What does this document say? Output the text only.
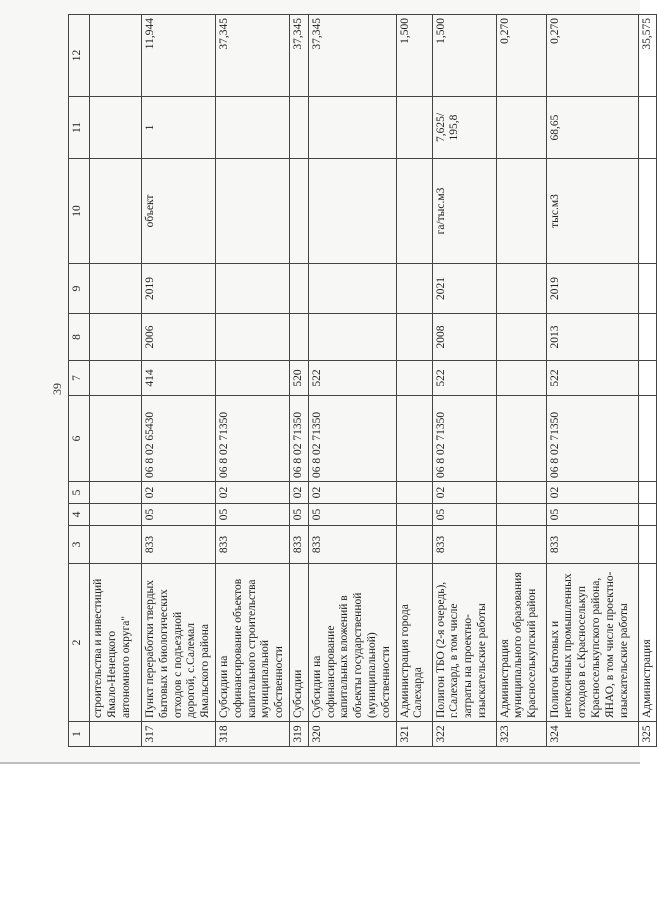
39
1	2	3	4	5	6	7	8	9	10	11	12
	строительства и инвестиций Ямало-Ненецкого автономного округа"										
317	Пункт переработки твердых бытовых и биологических отходов с подъездной дорогой, с.Салемал Ямальского района	833	05	02	06 8 02 65430	414	2006	2019	объект	1	11,944
318	Субсидии на софинансирование объектов капитального строительства муниципальной собственности	833	05	02	06 8 02 71350						37,345
319	Субсидии	833	05	02	06 8 02 71350	520					37,345
320	Субсидии на софинансирование капитальных вложений в объекты государственной (муниципальной) собственности	833	05	02	06 8 02 71350	522					37,345
321	Администрация города Салехарда										1,500
322	Полигон ТБО (2-я очередь), г.Салехард, в том числе затраты на проектно-изыскательские работы	833	05	02	06 8 02 71350	522	2008	2021	га/тыс.м3	7,625/ 195,8	1,500
323	Администрация муниципального образования Красноселькупский район										0,270
324	Полигон бытовых и нетоксичных промышленных отходов в с.Красноселькуп Красноселькупского района, ЯНАО, в том числе проектно-изыскательские работы	833	05	02	06 8 02 71350	522	2013	2019	тыс.м3	68,65	0,270
325	Администрация										35,575
